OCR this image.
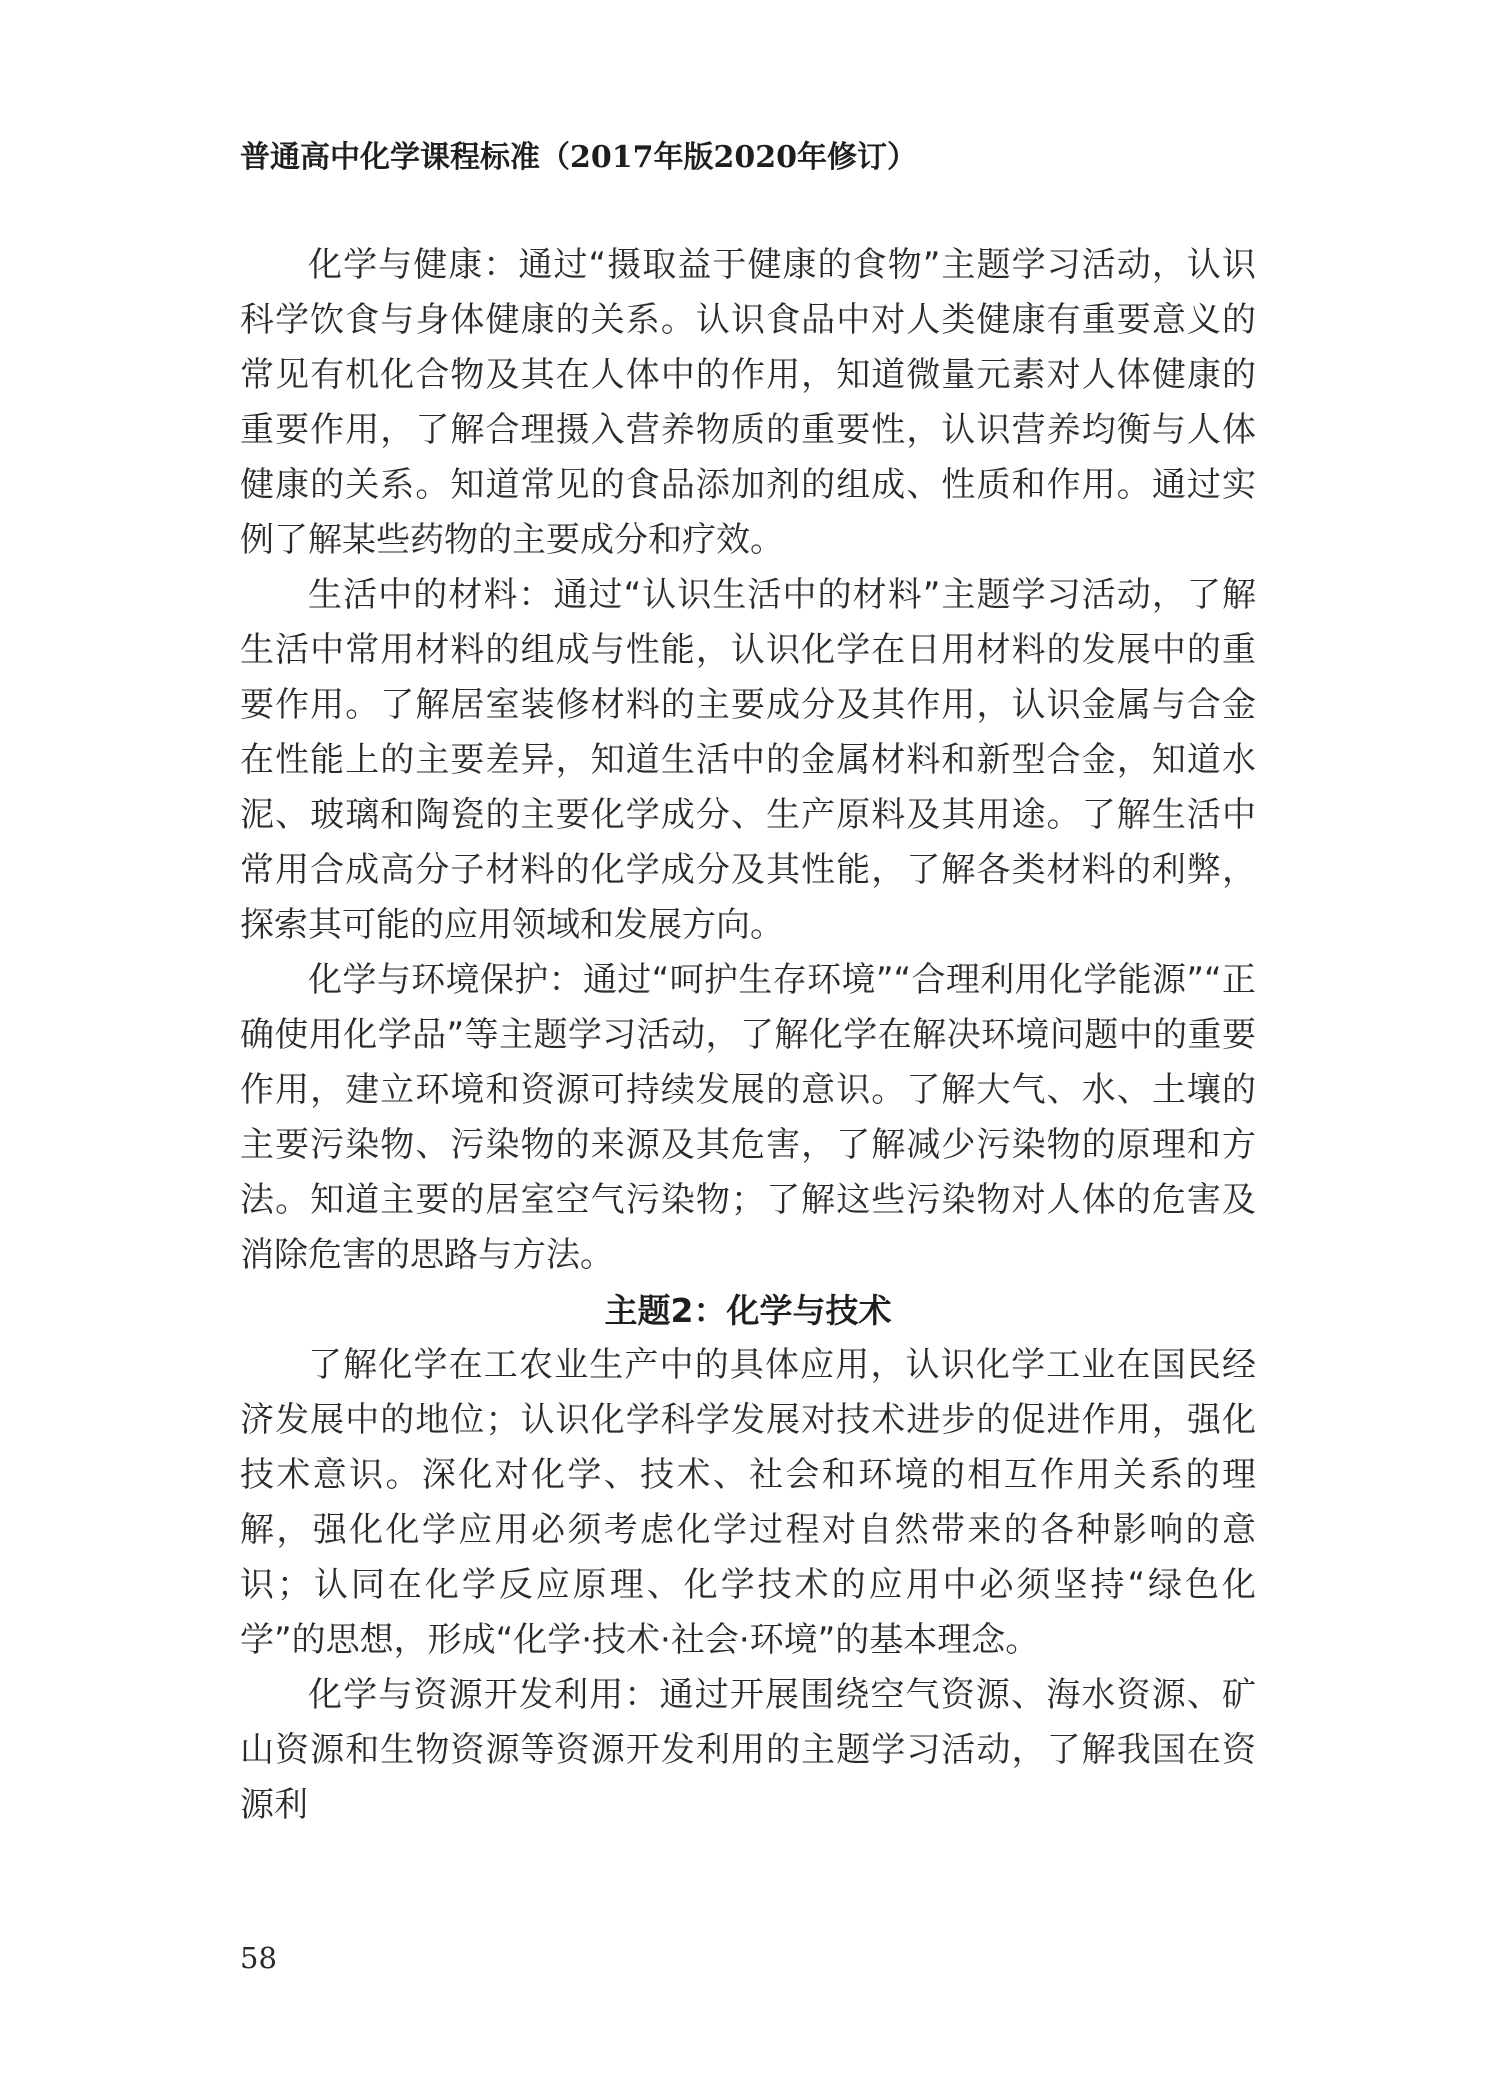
普通高中化学课程标准（2017年版2020年修订）

化学与健康：通过“摄取益于健康的食物”主题学习活动，认识科学饮食与身体健康的关系。认识食品中对人类健康有重要意义的常见有机化合物及其在人体中的作用，知道微量元素对人体健康的重要作用，了解合理摄入营养物质的重要性，认识营养均衡与人体健康的关系。知道常见的食品添加剂的组成、性质和作用。通过实例了解某些药物的主要成分和疗效。

生活中的材料：通过“认识生活中的材料”主题学习活动，了解生活中常用材料的组成与性能，认识化学在日用材料的发展中的重要作用。了解居室装修材料的主要成分及其作用，认识金属与合金在性能上的主要差异，知道生活中的金属材料和新型合金，知道水泥、玻璃和陶瓷的主要化学成分、生产原料及其用途。了解生活中常用合成高分子材料的化学成分及其性能，了解各类材料的利弊，探索其可能的应用领域和发展方向。

化学与环境保护：通过“呵护生存环境”“合理利用化学能源”“正确使用化学品”等主题学习活动，了解化学在解决环境问题中的重要作用，建立环境和资源可持续发展的意识。了解大气、水、土壤的主要污染物、污染物的来源及其危害，了解减少污染物的原理和方法。知道主要的居室空气污染物；了解这些污染物对人体的危害及消除危害的思路与方法。

主题2：化学与技术

了解化学在工农业生产中的具体应用，认识化学工业在国民经济发展中的地位；认识化学科学发展对技术进步的促进作用，强化技术意识。深化对化学、技术、社会和环境的相互作用关系的理解，强化化学应用必须考虑化学过程对自然带来的各种影响的意识；认同在化学反应原理、化学技术的应用中必须坚持“绿色化学”的思想，形成“化学·技术·社会·环境”的基本理念。

化学与资源开发利用：通过开展围绕空气资源、海水资源、矿山资源和生物资源等资源开发利用的主题学习活动，了解我国在资源利

58
